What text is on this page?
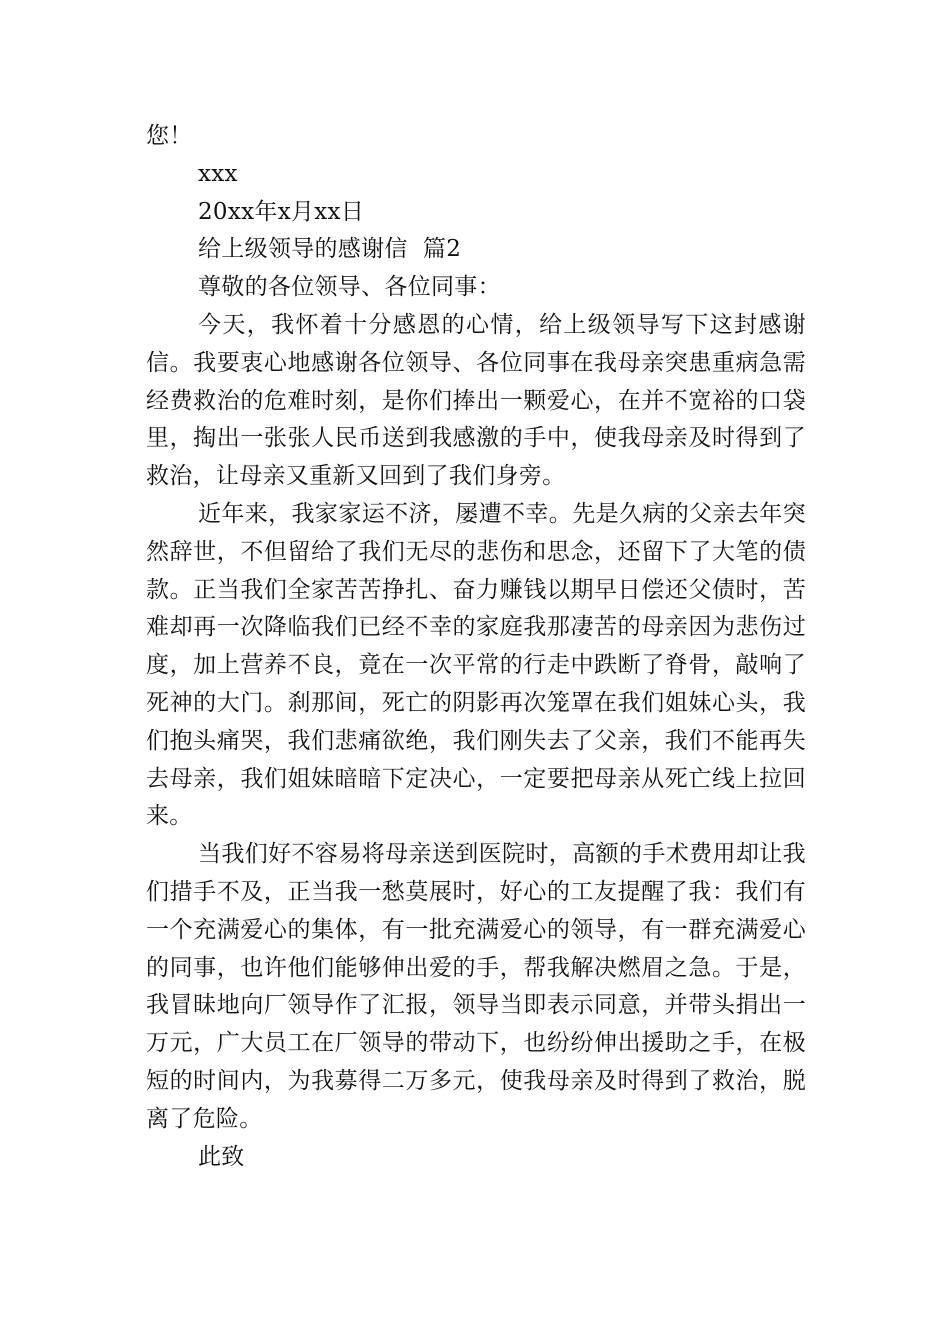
您！
xxx
20xx年x月xx日
给上级领导的感谢信  篇2
尊敬的各位领导、各位同事：
今天，我怀着十分感恩的心情，给上级领导写下这封感谢信。我要衷心地感谢各位领导、各位同事在我母亲突患重病急需经费救治的危难时刻，是你们捧出一颗爱心，在并不宽裕的口袋里，掏出一张张人民币送到我感激的手中，使我母亲及时得到了救治，让母亲又重新又回到了我们身旁。
近年来，我家家运不济，屡遭不幸。先是久病的父亲去年突然辞世，不但留给了我们无尽的悲伤和思念，还留下了大笔的债款。正当我们全家苦苦挣扎、奋力赚钱以期早日偿还父债时，苦难却再一次降临我们已经不幸的家庭我那凄苦的母亲因为悲伤过度，加上营养不良，竟在一次平常的行走中跌断了脊骨，敲响了死神的大门。刹那间，死亡的阴影再次笼罩在我们姐妹心头，我们抱头痛哭，我们悲痛欲绝，我们刚失去了父亲，我们不能再失去母亲，我们姐妹暗暗下定决心，一定要把母亲从死亡线上拉回来。
当我们好不容易将母亲送到医院时，高额的手术费用却让我们措手不及，正当我一愁莫展时，好心的工友提醒了我：我们有一个充满爱心的集体，有一批充满爱心的领导，有一群充满爱心的同事，也许他们能够伸出爱的手，帮我解决燃眉之急。于是，我冒昧地向厂领导作了汇报，领导当即表示同意，并带头捐出一万元，广大员工在厂领导的带动下，也纷纷伸出援助之手，在极短的时间内，为我募得二万多元，使我母亲及时得到了救治，脱离了危险。
此致
